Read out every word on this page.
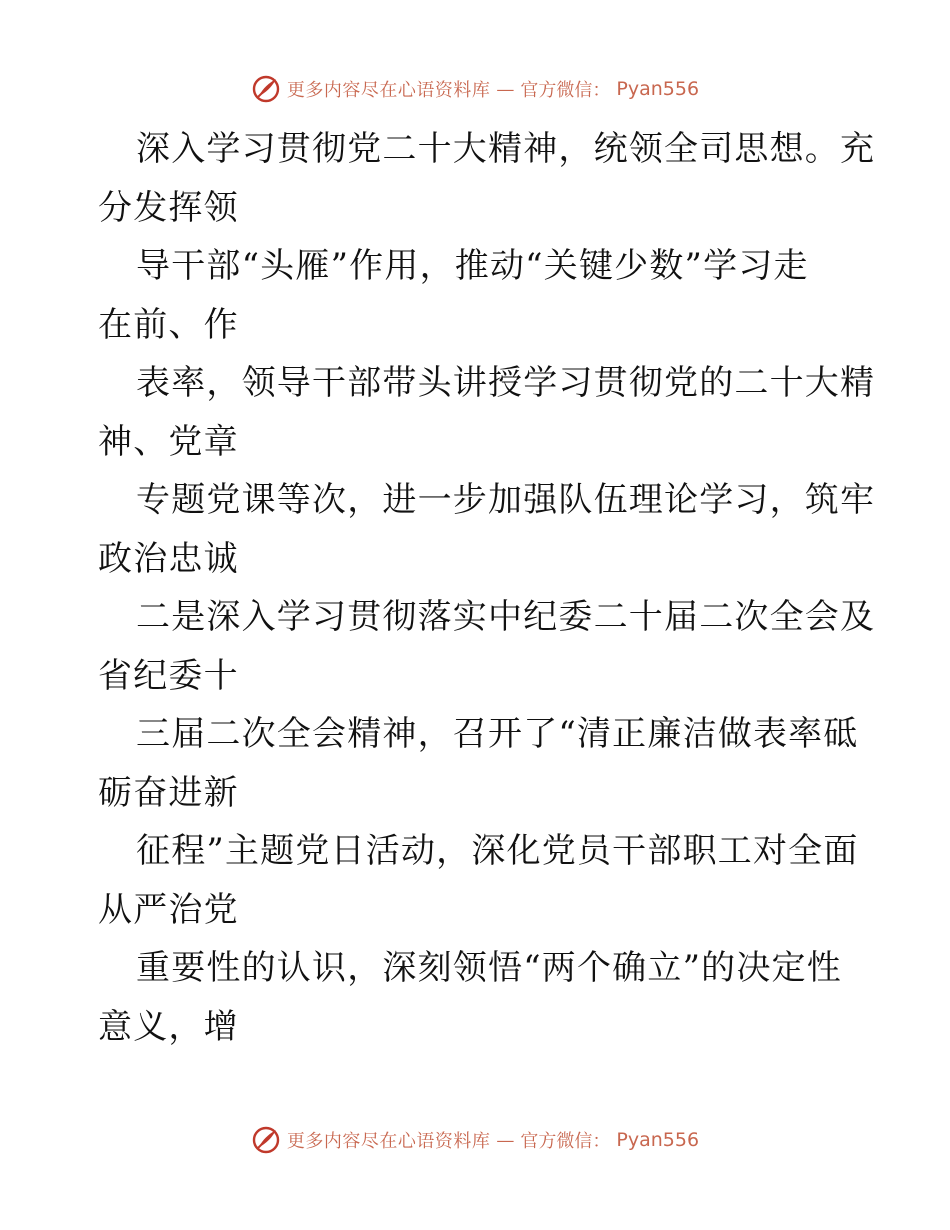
更多内容尽在心语资料库 — 官方微信： Pyan556
深入学习贯彻党二十大精神，统领全司思想。充
分发挥领
导干部“头雁”作用，推动“关键少数”学习走
在前、作
表率，领导干部带头讲授学习贯彻党的二十大精
神、党章
专题党课等次，进一步加强队伍理论学习，筑牢
政治忠诚
二是深入学习贯彻落实中纪委二十届二次全会及
省纪委十
三届二次全会精神，召开了“清正廉洁做表率砥
砺奋进新
征程”主题党日活动，深化党员干部职工对全面
从严治党
重要性的认识，深刻领悟“两个确立”的决定性
意义，增
更多内容尽在心语资料库 — 官方微信： Pyan556
